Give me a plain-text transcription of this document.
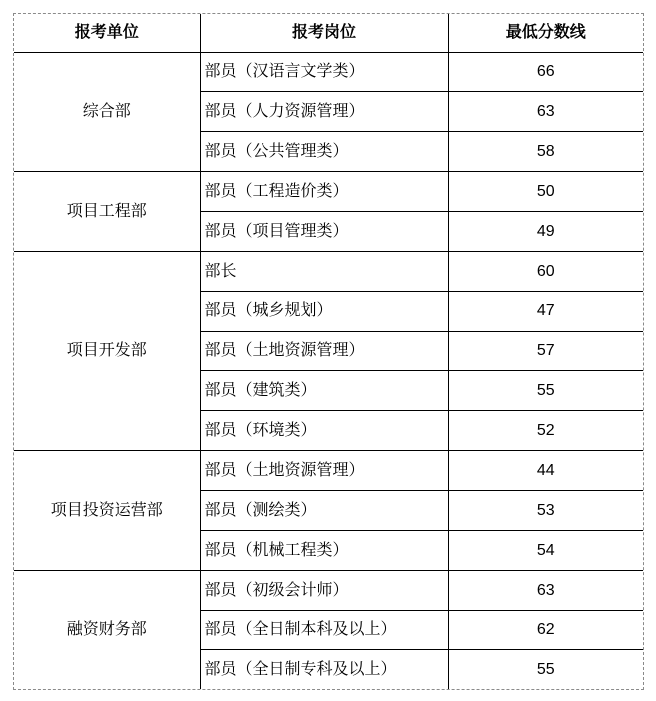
报考单位	报考岗位	最低分数线
综合部	部员（汉语言文学类）	66
	部员（人力资源管理）	63
	部员（公共管理类）	58
项目工程部	部员（工程造价类）	50
	部员（项目管理类）	49
项目开发部	部长	60
	部员（城乡规划）	47
	部员（土地资源管理）	57
	部员（建筑类）	55
	部员（环境类）	52
项目投资运营部	部员（土地资源管理）	44
	部员（测绘类）	53
	部员（机械工程类）	54
融资财务部	部员（初级会计师）	63
	部员（全日制本科及以上）	62
	部员（全日制专科及以上）	55
